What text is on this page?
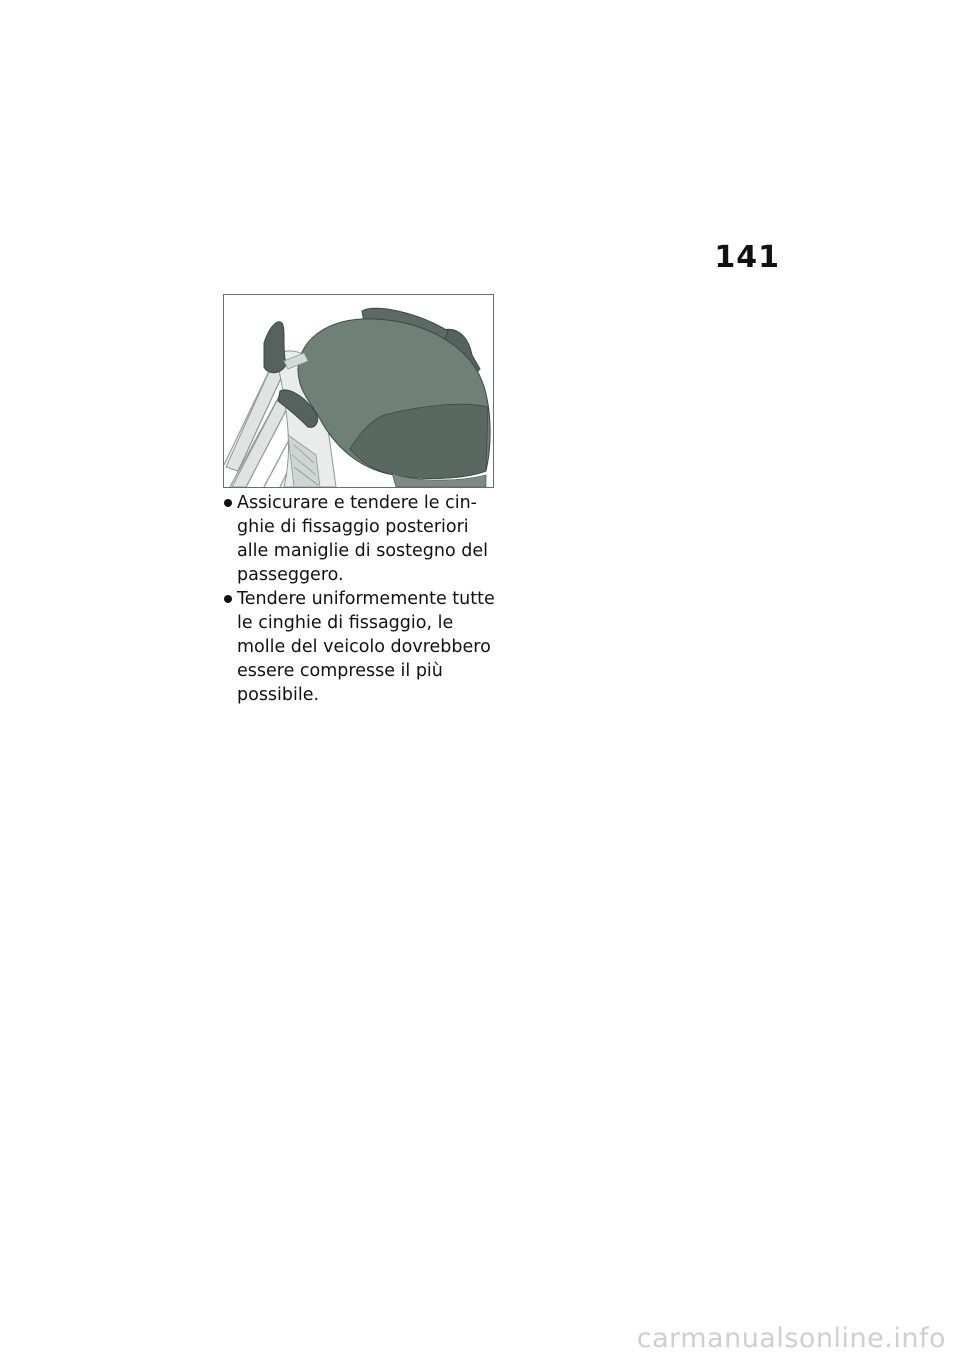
141
Assicurare e tendere le cin-
ghie di fissaggio posteriori
alle maniglie di sostegno del
passeggero.
Tendere uniformemente tutte
le cinghie di fissaggio, le
molle del veicolo dovrebbero
essere compresse il più
possibile.
carmanualsonline.info
